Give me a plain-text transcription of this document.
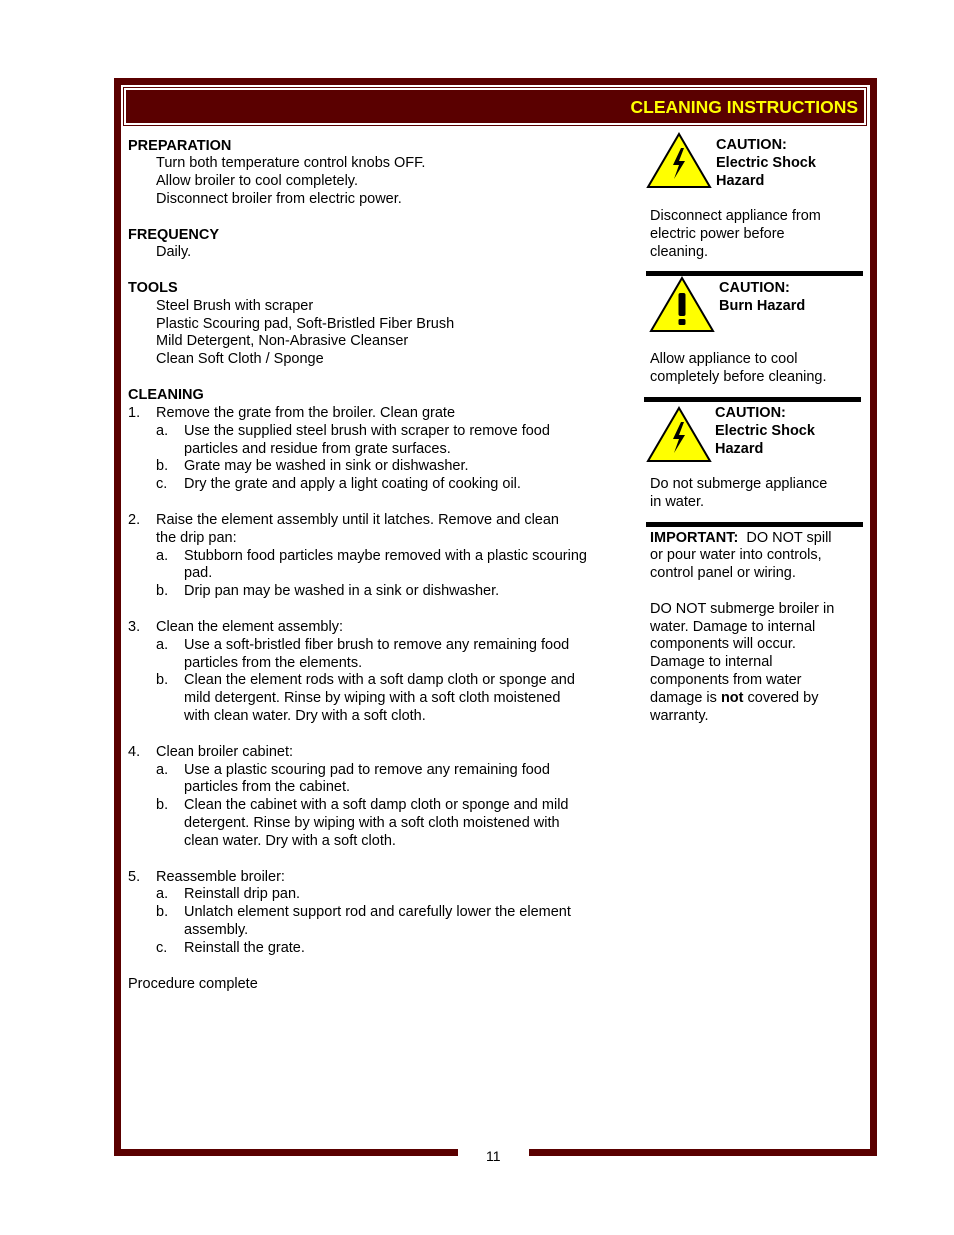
CLEANING INSTRUCTIONS
PREPARATION
Turn both temperature control knobs OFF.
Allow broiler to cool completely.
Disconnect broiler from electric power.
FREQUENCY
Daily.
TOOLS
Steel Brush with scraper
Plastic Scouring pad, Soft-Bristled Fiber Brush
Mild Detergent, Non-Abrasive Cleanser
Clean Soft Cloth / Sponge
CLEANING
1. Remove the grate from the broiler. Clean grate
a. Use the supplied steel brush with scraper to remove food
particles and residue from grate surfaces.
b. Grate may be washed in sink or dishwasher.
c. Dry the grate and apply a light coating of cooking oil.
2. Raise the element assembly until it latches. Remove and clean
the drip pan:
a. Stubborn food particles maybe removed with a plastic scouring
pad.
b. Drip pan may be washed in a sink or dishwasher.
3. Clean the element assembly:
a. Use a soft-bristled fiber brush to remove any remaining food
particles from the elements.
b. Clean the element rods with a soft damp cloth or sponge and
mild detergent. Rinse by wiping with a soft cloth moistened
with clean water. Dry with a soft cloth.
4. Clean broiler cabinet:
a. Use a plastic scouring pad to remove any remaining food
particles from the cabinet.
b. Clean the cabinet with a soft damp cloth or sponge and mild
detergent. Rinse by wiping with a soft cloth moistened with
clean water. Dry with a soft cloth.
5. Reassemble broiler:
a. Reinstall drip pan.
b. Unlatch element support rod and carefully lower the element
assembly.
c. Reinstall the grate.
Procedure complete
CAUTION:
Electric Shock
Hazard
Disconnect appliance from
electric power before
cleaning.
CAUTION:
Burn Hazard
Allow appliance to cool
completely before cleaning.
CAUTION:
Electric Shock
Hazard
Do not submerge appliance
in water.
IMPORTANT:  DO NOT spill
or pour water into controls,
control panel or wiring.
DO NOT submerge broiler in
water. Damage to internal
components will occur.
Damage to internal
components from water
damage is not covered by
warranty.
11
